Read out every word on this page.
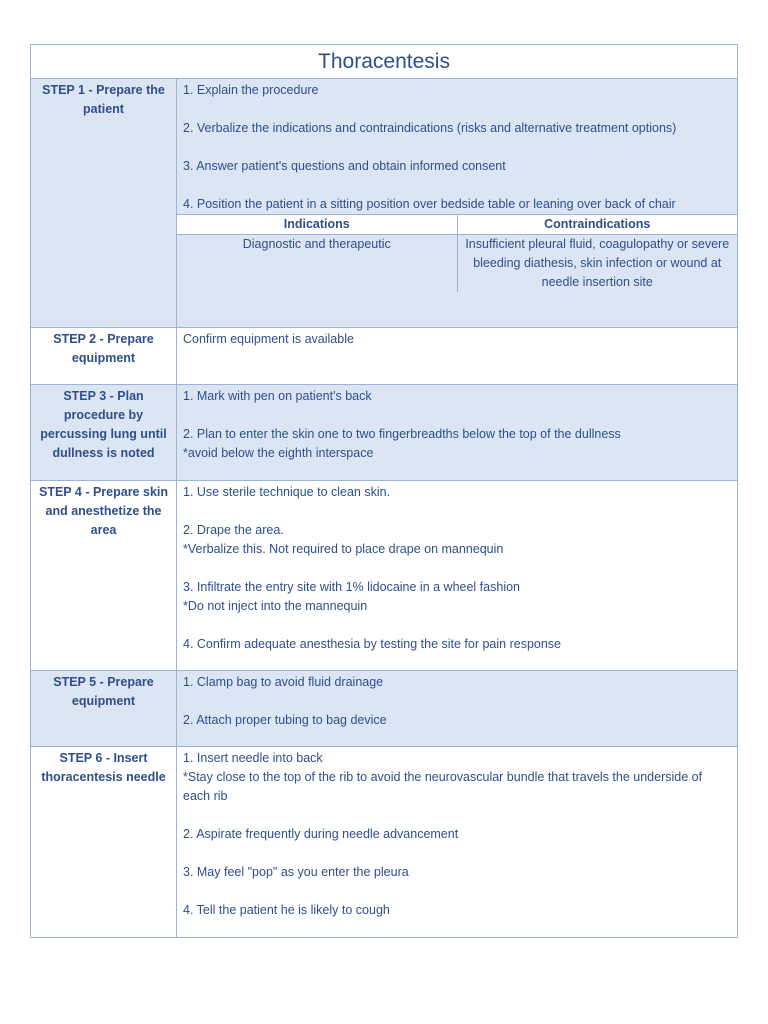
Thoracentesis
STEP 1 - Prepare the patient	

1. Explain the procedure

2. Verbalize the indications and contraindications (risks and alternative treatment options)

3. Answer patient's questions and obtain informed consent

4. Position the patient in a sitting position over bedside table or leaning over back of chair

Indications	Contraindications
Diagnostic and therapeutic	Insufficient pleural fluid, coagulopathy or severe bleeding diathesis, skin infection or wound at needle insertion site

STEP 2 - Prepare equipment	

Confirm equipment is available

STEP 3 - Plan procedure by percussing lung until dullness is noted	

1. Mark with pen on patient's back

2. Plan to enter the skin one to two fingerbreadths below the top of the dullness
*avoid below the eighth interspace

STEP 4 - Prepare skin and anesthetize the area	

1. Use sterile technique to clean skin.

2. Drape the area.
*Verbalize this. Not required to place drape on mannequin

3. Infiltrate the entry site with 1% lidocaine in a wheel fashion
*Do not inject into the mannequin

4. Confirm adequate anesthesia by testing the site for pain response

STEP 5 - Prepare equipment	

1. Clamp bag to avoid fluid drainage

2. Attach proper tubing to bag device

STEP 6 - Insert thoracentesis needle	

1. Insert needle into back
*Stay close to the top of the rib to avoid the neurovascular bundle that travels the underside of each rib

2. Aspirate frequently during needle advancement

3. May feel "pop" as you enter the pleura

4. Tell the patient he is likely to cough
